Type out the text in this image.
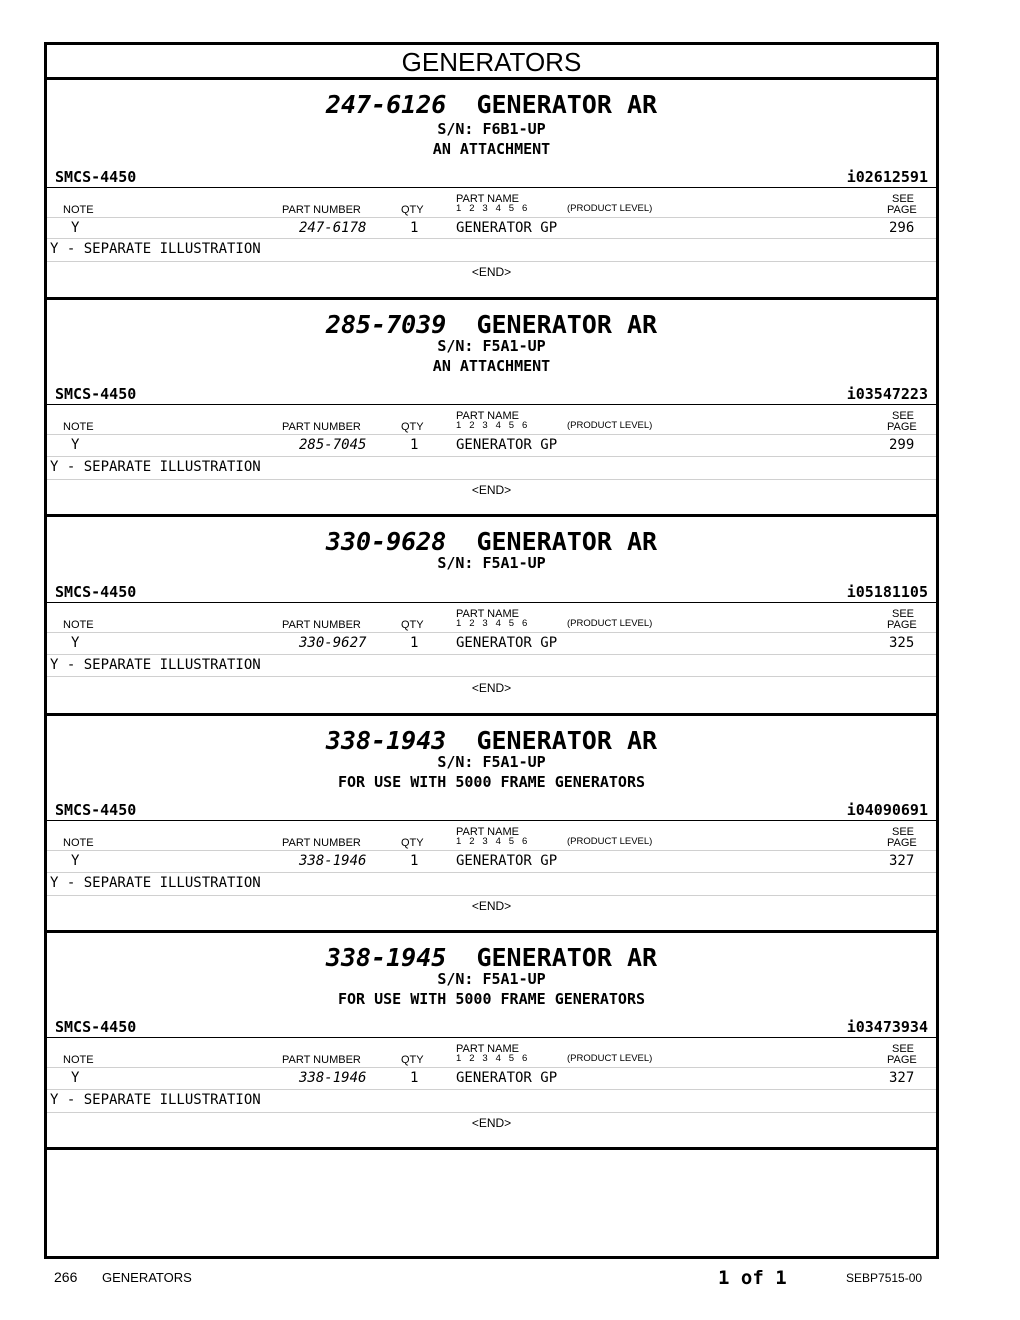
GENERATORS
247-6126 GENERATOR AR
S/N: F6B1-UP
AN ATTACHMENT
SMCS-4450	i02612591
NOTE	PART NUMBER	QTY
PART NAME
1   2   3   4   5   6	(PRODUCT LEVEL)
SEE
PAGE
Y	247-6178	1	GENERATOR GP	296
Y - SEPARATE ILLUSTRATION
<END>
285-7039 GENERATOR AR
S/N: F5A1-UP
AN ATTACHMENT
SMCS-4450	i03547223
NOTE	PART NUMBER	QTY
PART NAME
1   2   3   4   5   6	(PRODUCT LEVEL)
SEE
PAGE
Y	285-7045	1	GENERATOR GP	299
Y - SEPARATE ILLUSTRATION
<END>
330-9628 GENERATOR AR
S/N: F5A1-UP
SMCS-4450	i05181105
NOTE	PART NUMBER	QTY
PART NAME
1   2   3   4   5   6	(PRODUCT LEVEL)
SEE
PAGE
Y	330-9627	1	GENERATOR GP	325
Y - SEPARATE ILLUSTRATION
<END>
338-1943 GENERATOR AR
S/N: F5A1-UP
FOR USE WITH 5000 FRAME GENERATORS
SMCS-4450	i04090691
NOTE	PART NUMBER	QTY
PART NAME
1   2   3   4   5   6	(PRODUCT LEVEL)
SEE
PAGE
Y	338-1946	1	GENERATOR GP	327
Y - SEPARATE ILLUSTRATION
<END>
338-1945 GENERATOR AR
S/N: F5A1-UP
FOR USE WITH 5000 FRAME GENERATORS
SMCS-4450	i03473934
NOTE	PART NUMBER	QTY
PART NAME
1   2   3   4   5   6	(PRODUCT LEVEL)
SEE
PAGE
Y	338-1946	1	GENERATOR GP	327
Y - SEPARATE ILLUSTRATION
<END>
266 GENERATORS	1 of 1	SEBP7515-00
